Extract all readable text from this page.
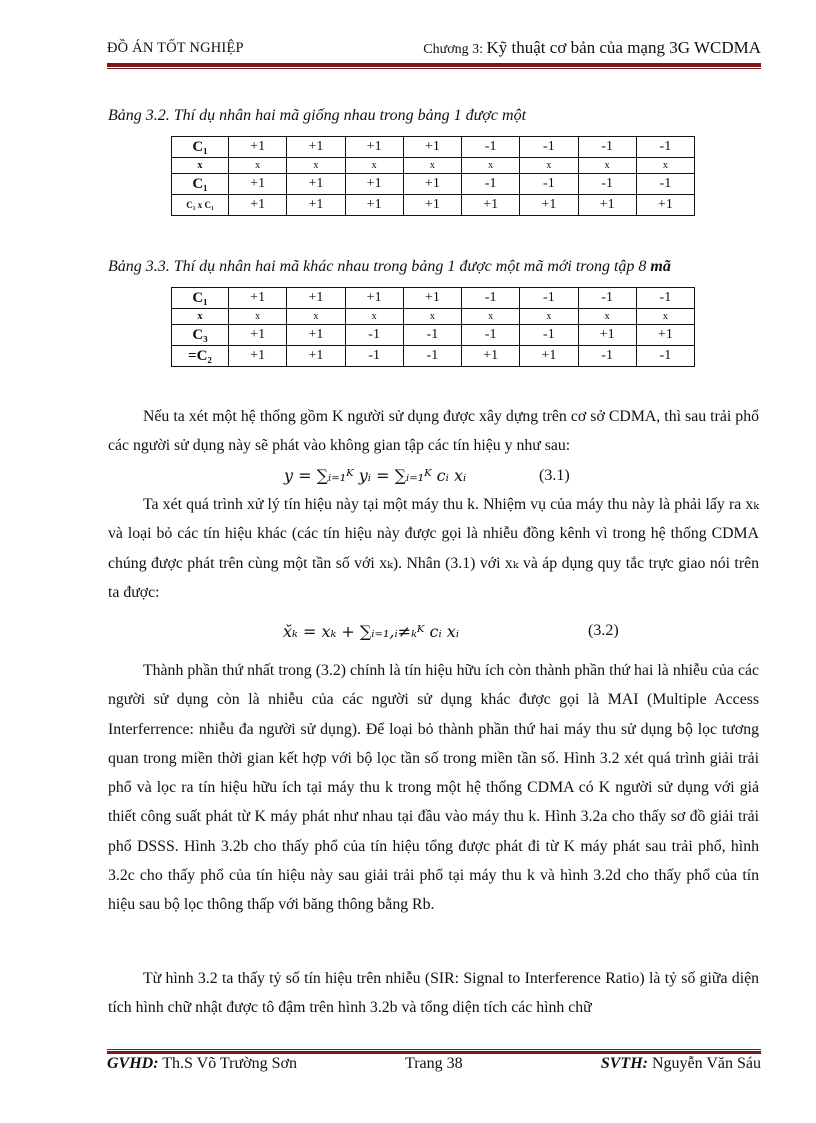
ĐỒ ÁN TỐT NGHIỆP	Chương 3: Kỹ thuật cơ bản của mạng 3G WCDMA
Bảng 3.2. Thí dụ nhân hai mã giống nhau trong bảng 1 được một
C₁	+1	+1	+1	+1	-1	-1	-1	-1
x	x	x	x	x	x	x	x	x
C₁	+1	+1	+1	+1	-1	-1	-1	-1
C₁ x C₁	+1	+1	+1	+1	+1	+1	+1	+1
Bảng 3.3. Thí dụ nhân hai mã khác nhau trong bảng 1 được một mã mới trong tập 8 mã
C₁	+1	+1	+1	+1	-1	-1	-1	-1
x	x	x	x	x	x	x	x	x
C₃	+1	+1	-1	-1	-1	-1	+1	+1
=C₂	+1	+1	-1	-1	+1	+1	-1	-1

Nếu ta xét một hệ thống gồm K người sử dụng được xây dựng trên cơ sở CDMA, thì sau trải phổ các người sử dụng này sẽ phát vào không gian tập các tín hiệu y như sau:

y = ∑ᵢ₌₁ᴷ yᵢ = ∑ᵢ₌₁ᴷ cᵢ xᵢ	(3.1)

Ta xét quá trình xử lý tín hiệu này tại một máy thu k. Nhiệm vụ của máy thu này là phải lấy ra xₖ và loại bỏ các tín hiệu khác (các tín hiệu này được gọi là nhiễu đồng kênh vì trong hệ thống CDMA chúng được phát trên cùng một tần số với xₖ). Nhân (3.1) với xₖ và áp dụng quy tắc trực giao nói trên ta được:

x̆ₖ = xₖ + ∑ᵢ₌₁,ᵢ≠ₖᴷ cᵢ xᵢ	(3.2)

Thành phần thứ nhất trong (3.2) chính là tín hiệu hữu ích còn thành phần thứ hai là nhiễu của các người sử dụng còn là nhiễu của các người sử dụng khác được gọi là MAI (Multiple Access Interferrence: nhiễu đa người sử dụng). Để loại bỏ thành phần thứ hai máy thu sử dụng bộ lọc tương quan trong miền thời gian kết hợp với bộ lọc tần số trong miền tần số. Hình 3.2 xét quá trình giải trải phổ và lọc ra tín hiệu hữu ích tại máy thu k trong một hệ thống CDMA có K người sử dụng với giả thiết công suất phát từ K máy phát như nhau tại đầu vào máy thu k. Hình 3.2a cho thấy sơ đồ giải trải phổ DSSS. Hình 3.2b cho thấy phổ của tín hiệu tổng được phát đi từ K máy phát sau trải phổ, hình 3.2c cho thấy phổ của tín hiệu này sau giải trải phổ tại máy thu k và hình 3.2d cho thấy phổ của tín hiệu sau bộ lọc thông thấp với băng thông bằng Rb.

Từ hình 3.2 ta thấy tỷ số tín hiệu trên nhiễu (SIR: Signal to Interference Ratio) là tỷ số giữa diện tích hình chữ nhật được tô đậm trên hình 3.2b và tổng diện tích các hình chữ

GVHD: Th.S Võ Trường Sơn	Trang 38	SVTH: Nguyễn Văn Sáu
